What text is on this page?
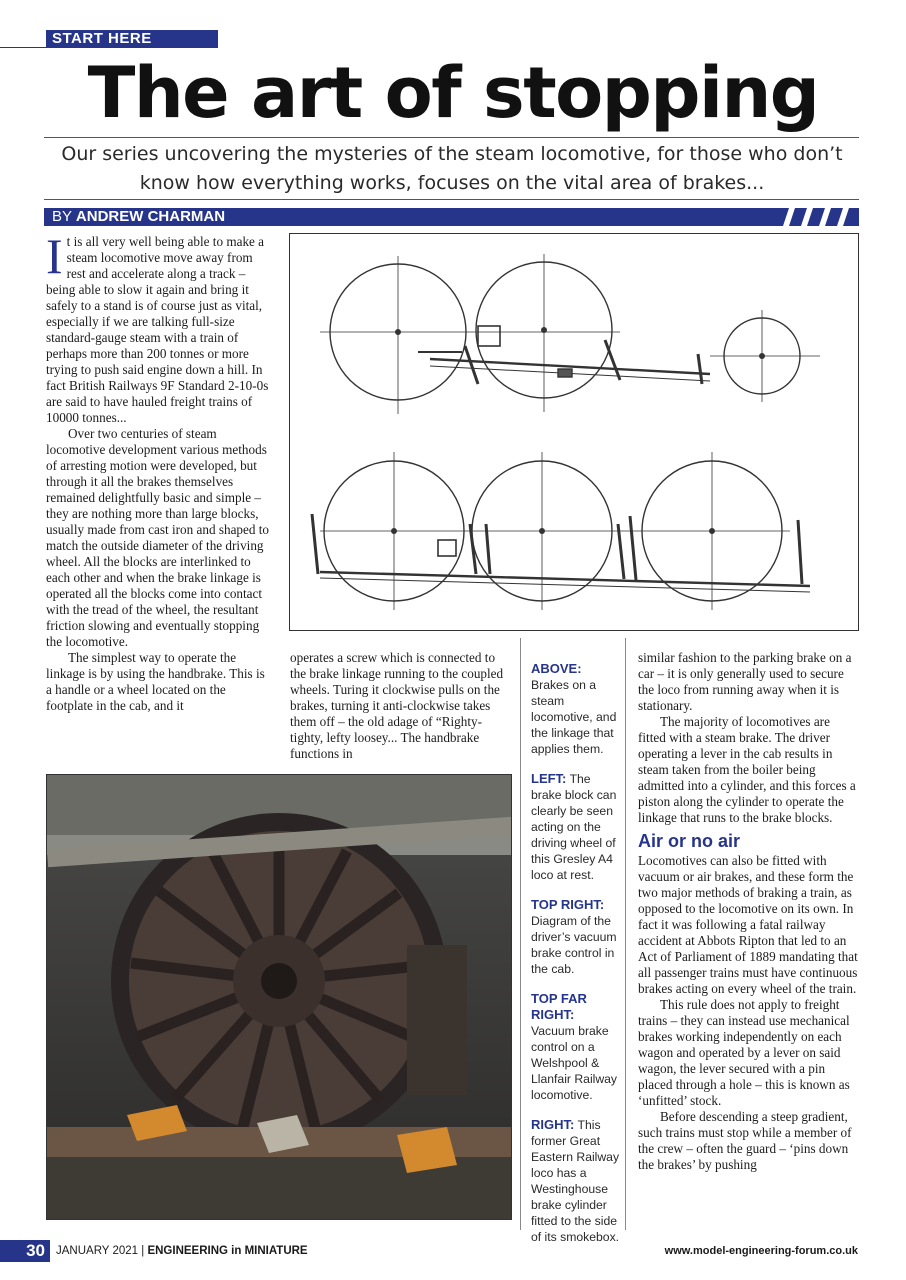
START HERE
The art of stopping

Our series uncovering the mysteries of the steam locomotive, for those who don’t know how everything works, focuses on the vital area of brakes...

BY ANDREW CHARMAN

It is all very well being able to make a steam locomotive move away from rest and accelerate along a track – being able to slow it again and bring it safely to a stand is of course just as vital, especially if we are talking full-size standard-gauge steam with a train of perhaps more than 200 tonnes or more trying to push said engine down a hill. In fact British Railways 9F Standard 2-10-0s are said to have hauled freight trains of 10000 tonnes...

Over two centuries of steam locomotive development various methods of arresting motion were developed, but through it all the brakes themselves remained delightfully basic and simple – they are nothing more than large blocks, usually made from cast iron and shaped to match the outside diameter of the driving wheel. All the blocks are interlinked to each other and when the brake linkage is operated all the blocks come into contact with the tread of the wheel, the resultant friction slowing and eventually stopping the locomotive.

The simplest way to operate the linkage is by using the handbrake. This is a handle or a wheel located on the footplate in the cab, and it

operates a screw which is connected to the brake linkage running to the coupled wheels. Turing it clockwise pulls on the brakes, turning it anti-clockwise takes them off – the old adage of “Righty-tighty, lefty loosey... The handbrake functions in

ABOVE: Brakes on a steam locomotive, and the linkage that applies them.
LEFT: The brake block can clearly be seen acting on the driving wheel of this Gresley A4 loco at rest.
TOP RIGHT: Diagram of the driver’s vacuum brake control in the cab.
TOP FAR RIGHT: Vacuum brake control on a Welshpool & Llanfair Railway locomotive.
RIGHT: This former Great Eastern Railway loco has a Westinghouse brake cylinder fitted to the side of its smokebox.

similar fashion to the parking brake on a car – it is only generally used to secure the loco from running away when it is stationary.

The majority of locomotives are fitted with a steam brake. The driver operating a lever in the cab results in steam taken from the boiler being admitted into a cylinder, and this forces a piston along the cylinder to operate the linkage that runs to the brake blocks.

Air or no air

Locomotives can also be fitted with vacuum or air brakes, and these form the two major methods of braking a train, as opposed to the locomotive on its own. In fact it was following a fatal railway accident at Abbots Ripton that led to an Act of Parliament of 1889 mandating that all passenger trains must have continuous brakes acting on every wheel of the train.

This rule does not apply to freight trains – they can instead use mechanical brakes working independently on each wagon and operated by a lever on said wagon, the lever secured with a pin placed through a hole – this is known as ‘unfitted’ stock.

Before descending a steep gradient, such trains must stop while a member of the crew – often the guard – ‘pins down the brakes’ by pushing

30 JANUARY 2021 | ENGINEERING in MINIATURE	www.model-engineering-forum.co.uk
